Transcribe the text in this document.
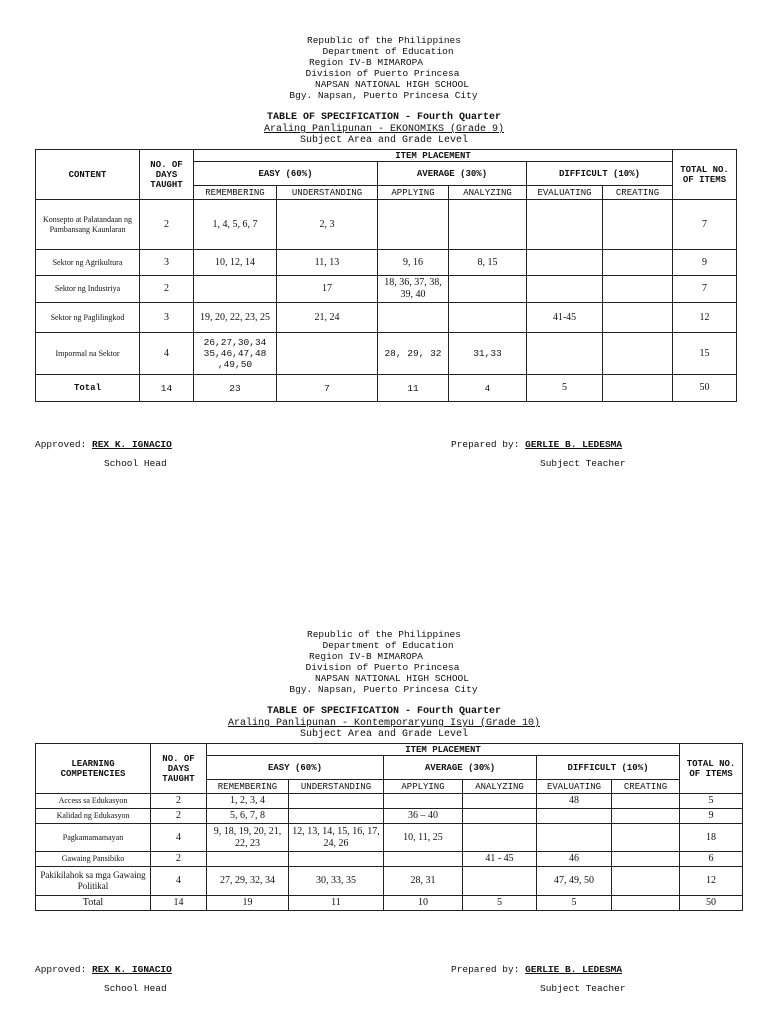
Republic of the Philippines
Department of Education
Region IV-B MIMAROPA
Division of Puerto Princesa
NAPSAN NATIONAL HIGH SCHOOL
Bgy. Napsan, Puerto Princesa City
TABLE OF SPECIFICATION - Fourth Quarter
Araling Panlipunan - EKONOMIKS (Grade 9)
Subject Area and Grade Level
CONTENT	NO. OF DAYS TAUGHT	ITEM PLACEMENT						TOTAL NO. OF ITEMS
		EASY (60%)		AVERAGE (30%)		DIFFICULT (10%)		
		REMEMBERING	UNDERSTANDING	APPLYING	ANALYZING	EVALUATING	CREATING	
Konsepto at Palatandaan ng Pambansang Kaunlaran	2	1, 4, 5, 6, 7	2, 3					7
Sektor ng Agrikultura	3	10, 12, 14	11, 13	9, 16	8, 15			9
Sektor ng Industriya	2		17	18, 36, 37, 38, 39, 40				7
Sektor ng Paglilingkod	3	19, 20, 22, 23, 25	21, 24			41-45		12
Impormal na Sektor	4	26,27,30,34 35,46,47,48 ,49,50		28, 29, 32	31,33			15
Total	14	23	7	11	4	5		50
Approved: REX K. IGNACIO
School Head
Prepared by: GERLIE B. LEDESMA
Subject Teacher
Republic of the Philippines
Department of Education
Region IV-B MIMAROPA
Division of Puerto Princesa
NAPSAN NATIONAL HIGH SCHOOL
Bgy. Napsan, Puerto Princesa City
TABLE OF SPECIFICATION - Fourth Quarter
Araling Panlipunan - Kontemporaryung Isyu (Grade 10)
Subject Area and Grade Level
LEARNING COMPETENCIES	NO. OF DAYS TAUGHT	ITEM PLACEMENT						TOTAL NO. OF ITEMS
		EASY (60%)		AVERAGE (30%)		DIFFICULT (10%)		
		REMEMBERING	UNDERSTANDING	APPLYING	ANALYZING	EVALUATING	CREATING	
Access sa Edukasyon	2	1, 2, 3, 4				48		5
Kalidad ng Edukasyon	2	5, 6, 7, 8		36 – 40				9
Pagkamamamayan	4	9, 18, 19, 20, 21, 22, 23	12, 13, 14, 15, 16, 17, 24, 26	10, 11, 25				18
Gawaing Pansibiko	2				41 - 45	46		6
Pakikilahok sa mga Gawaing Politikal	4	27, 29, 32, 34	30, 33, 35	28, 31		47, 49, 50		12
Total	14	19	11	10	5	5		50
Approved: REX K. IGNACIO
School Head
Prepared by: GERLIE B. LEDESMA
Subject Teacher
